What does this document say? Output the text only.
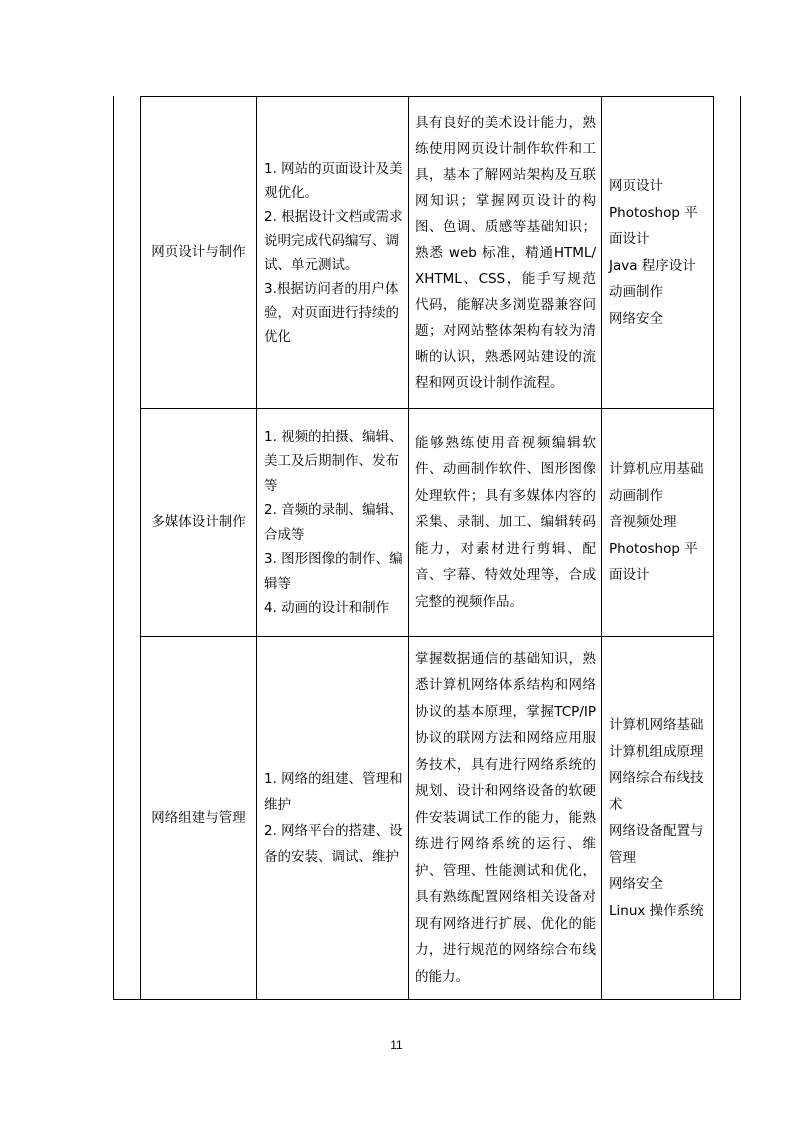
网页设计与制作

1. 网站的页面设计及美观优化。

2. 根据设计文档或需求说明完成代码编写、调试、单元测试。

3.根据访问者的用户体验，对页面进行持续的优化

具有良好的美术设计能力，熟练使用网页设计制作软件和工具，基本了解网站架构及互联网知识；掌握网页设计的构图、色调、质感等基础知识；熟悉 web 标准，精通HTML/XHTML、CSS，能手写规范代码，能解决多浏览器兼容问题；对网站整体架构有较为清晰的认识，熟悉网站建设的流程和网页设计制作流程。

网页设计

Photoshop 平面设计

Java 程序设计

动画制作

网络安全

多媒体设计制作

1. 视频的拍摄、编辑、美工及后期制作、发布等

2. 音频的录制、编辑、合成等

3. 图形图像的制作、编辑等

4. 动画的设计和制作

能够熟练使用音视频编辑软件、动画制作软件、图形图像处理软件；具有多媒体内容的采集、录制、加工、编辑转码能力，对素材进行剪辑、配音、字幕、特效处理等，合成完整的视频作品。

计算机应用基础

动画制作

音视频处理

Photoshop 平面设计

网络组建与管理

1. 网络的组建、管理和维护

2. 网络平台的搭建、设备的安装、调试、维护

掌握数据通信的基础知识，熟悉计算机网络体系结构和网络协议的基本原理，掌握TCP/IP 协议的联网方法和网络应用服务技术，具有进行网络系统的规划、设计和网络设备的软硬件安装调试工作的能力，能熟练进行网络系统的运行、维护、管理、性能测试和优化，具有熟练配置网络相关设备对现有网络进行扩展、优化的能力，进行规范的网络综合布线的能力。

计算机网络基础

计算机组成原理

网络综合布线技术

网络设备配置与管理

网络安全

Linux 操作系统

11
